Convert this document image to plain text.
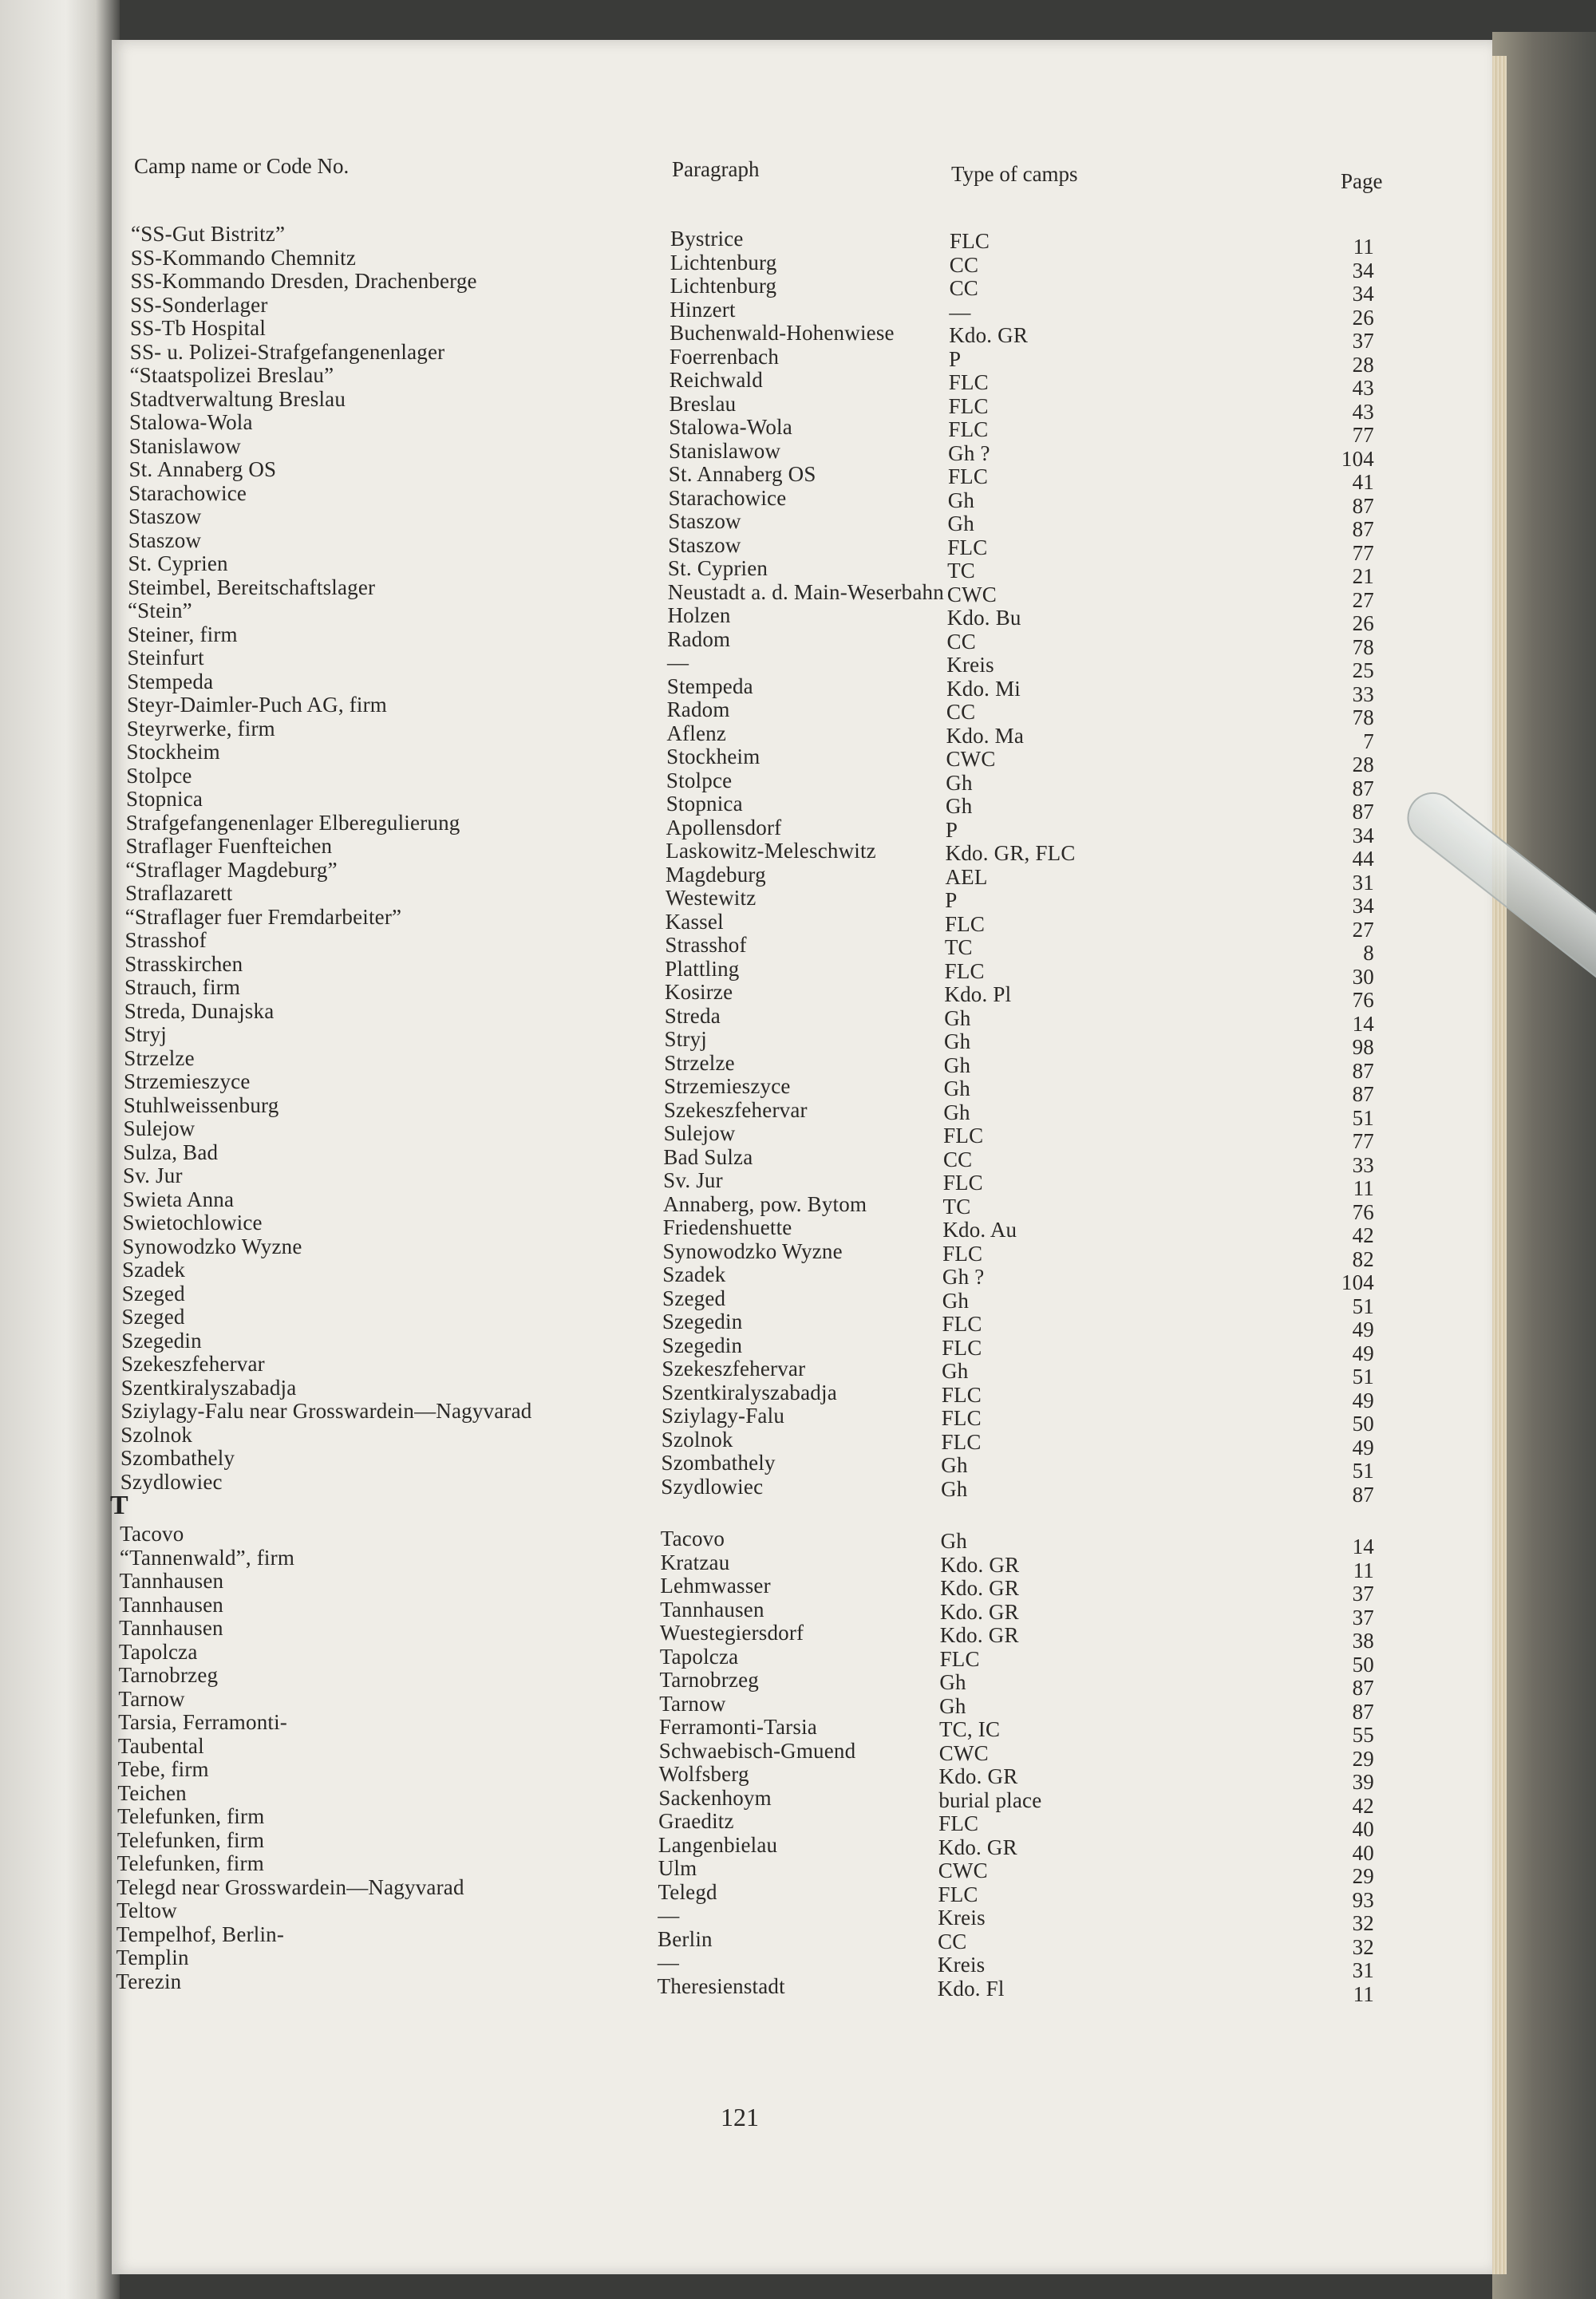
Camp name or Code No.	Paragraph	Type of camps	Page
T
“SS-Gut Bistritz”	Bystrice	FLC	11
SS-Kommando Chemnitz	Lichtenburg	CC	34
SS-Kommando Dresden, Drachenberge	Lichtenburg	CC	34
SS-Sonderlager	Hinzert	—	26
SS-Tb Hospital	Buchenwald-Hohenwiese	Kdo. GR	37
SS- u. Polizei-Strafgefangenenlager	Foerrenbach	P	28
“Staatspolizei Breslau”	Reichwald	FLC	43
Stadtverwaltung Breslau	Breslau	FLC	43
Stalowa-Wola	Stalowa-Wola	FLC	77
Stanislawow	Stanislawow	Gh ?	104
St. Annaberg OS	St. Annaberg OS	FLC	41
Starachowice	Starachowice	Gh	87
Staszow	Staszow	Gh	87
Staszow	Staszow	FLC	77
St. Cyprien	St. Cyprien	TC	21
Steimbel, Bereitschaftslager	Neustadt a. d. Main-Weserbahn CWC	27
“Stein”	Holzen	Kdo. Bu	26
Steiner, firm	Radom	CC	78
Steinfurt	—	Kreis	25
Stempeda	Stempeda	Kdo. Mi	33
Steyr-Daimler-Puch AG, firm	Radom	CC	78
Steyrwerke, firm	Aflenz	Kdo. Ma	7
Stockheim	Stockheim	CWC	28
Stolpce	Stolpce	Gh	87
Stopnica	Stopnica	Gh	87
Strafgefangenenlager Elberegulierung	Apollensdorf	P	34
Straflager Fuenfteichen	Laskowitz-Meleschwitz	Kdo. GR, FLC	44
“Straflager Magdeburg”	Magdeburg	AEL	31
Straflazarett	Westewitz	P	34
“Straflager fuer Fremdarbeiter”	Kassel	FLC	27
Strasshof	Strasshof	TC	8
Strasskirchen	Plattling	FLC	30
Strauch, firm	Kosirze	Kdo. Pl	76
Streda, Dunajska	Streda	Gh	14
Stryj	Stryj	Gh	98
Strzelze	Strzelze	Gh	87
Strzemieszyce	Strzemieszyce	Gh	87
Stuhlweissenburg	Szekeszfehervar	Gh	51
Sulejow	Sulejow	FLC	77
Sulza, Bad	Bad Sulza	CC	33
Sv. Jur	Sv. Jur	FLC	11
Swieta Anna	Annaberg, pow. Bytom	TC	76
Swietochlowice	Friedenshuette	Kdo. Au	42
Synowodzko Wyzne	Synowodzko Wyzne	FLC	82
Szadek	Szadek	Gh ?	104
Szeged	Szeged	Gh	51
Szeged	Szegedin	FLC	49
Szegedin	Szegedin	FLC	49
Szekeszfehervar	Szekeszfehervar	Gh	51
Szentkiralyszabadja	Szentkiralyszabadja	FLC	49
Sziylagy-Falu near Grosswardein—Nagyvarad	Sziylagy-Falu	FLC	50
Szolnok	Szolnok	FLC	49
Szombathely	Szombathely	Gh	51
Szydlowiec	Szydlowiec	Gh	87
Tacovo	Tacovo	Gh	14
“Tannenwald”, firm	Kratzau	Kdo. GR	11
Tannhausen	Lehmwasser	Kdo. GR	37
Tannhausen	Tannhausen	Kdo. GR	37
Tannhausen	Wuestegiersdorf	Kdo. GR	38
Tapolcza	Tapolcza	FLC	50
Tarnobrzeg	Tarnobrzeg	Gh	87
Tarnow	Tarnow	Gh	87
Tarsia, Ferramonti-	Ferramonti-Tarsia	TC, IC	55
Taubental	Schwaebisch-Gmuend	CWC	29
Tebe, firm	Wolfsberg	Kdo. GR	39
Teichen	Sackenhoym	burial place	42
Telefunken, firm	Graeditz	FLC	40
Telefunken, firm	Langenbielau	Kdo. GR	40
Telefunken, firm	Ulm	CWC	29
Telegd near Grosswardein—Nagyvarad	Telegd	FLC	93
Teltow	—	Kreis	32
Tempelhof, Berlin-	Berlin	CC	32
Templin	—	Kreis	31
Terezin	Theresienstadt	Kdo. Fl	11
121
